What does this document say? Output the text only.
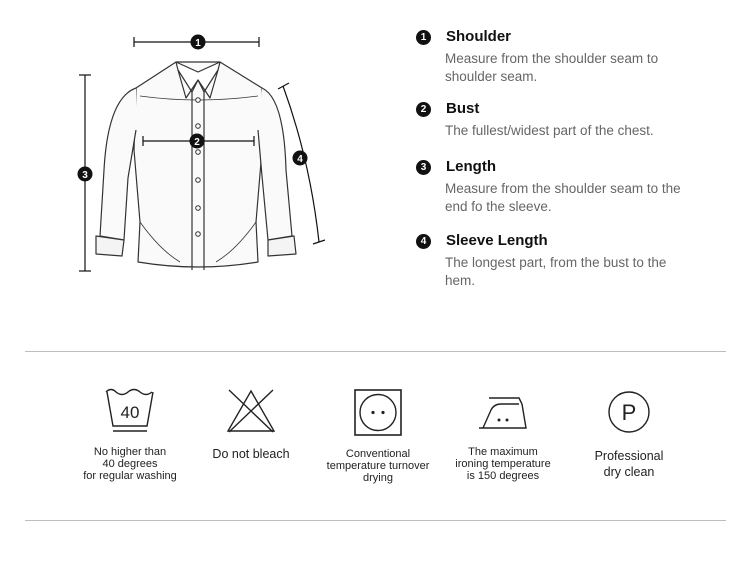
1
2
3
4
1	Shoulder
Measure from the shoulder seam to shoulder seam.
2	Bust
The fullest/widest part of the chest.
3	Length
Measure from the shoulder seam to the end fo the sleeve.
4	Sleeve Length
The longest part, from the bust to the hem.
40
No higher than
40 degrees
for regular washing
Do not bleach	Conventional
temperature turnover
drying
The maximum
ironing temperature
is 150 degrees
P
Professional
dry clean
